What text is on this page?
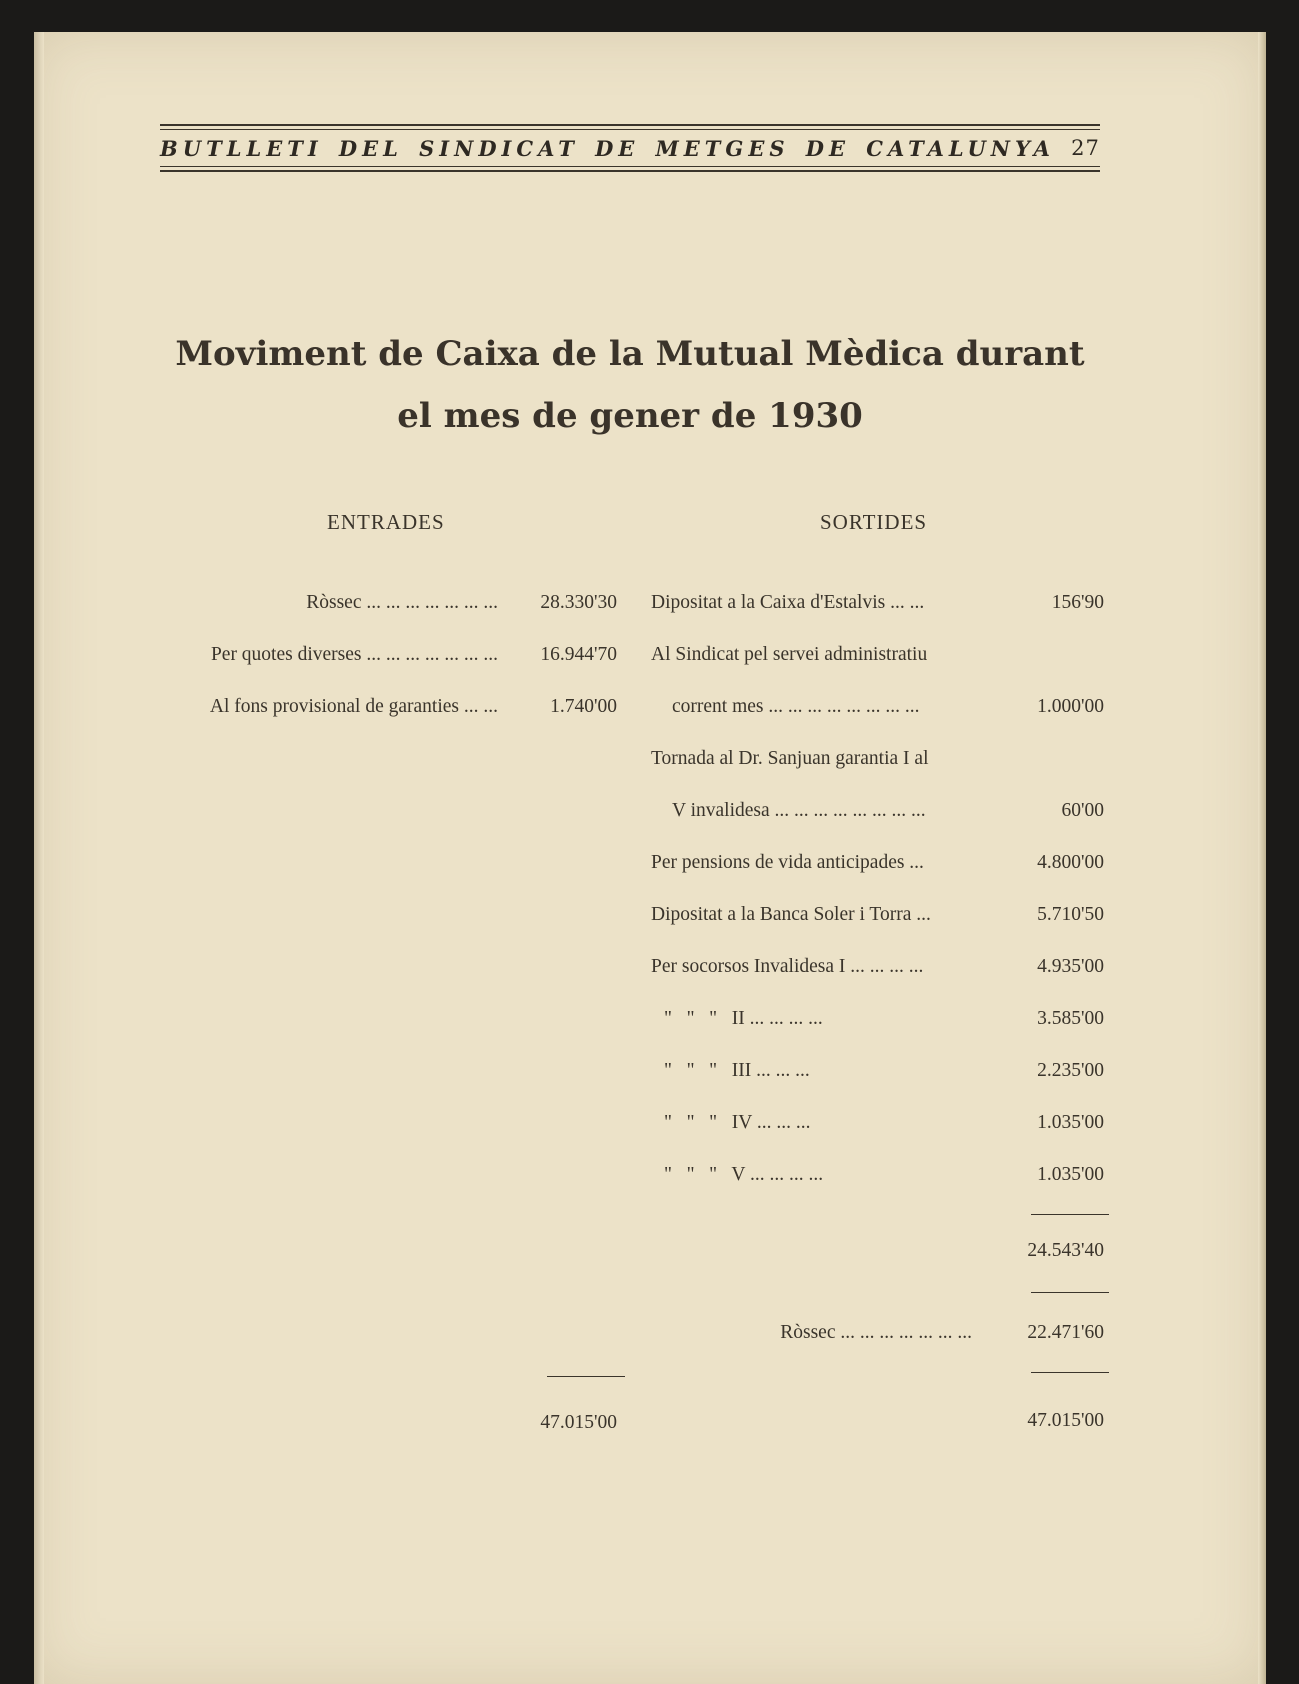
BUTLLETI DEL SINDICAT DE METGES DE CATALUNYA 27
Moviment de Caixa de la Mutual Mèdica durant
el mes de gener de 1930
ENTRADES	SORTIDES
Ròssec ... ... ... ... ... ... ... 28.330'30
Per quotes diverses ... ... ... ... ... ... ... 16.944'70
Al fons provisional de garanties ... ...	1.740'00
47.015'00
Dipositat a la Caixa d'Estalvis ... ...	156'90
Al Sindicat pel servei administratiu
corrent mes ... ... ... ... ... ... ... ...	1.000'00
Tornada al Dr. Sanjuan garantia I al
V invalidesa ... ... ... ... ... ... ... ...	60'00
Per pensions de vida anticipades ...	4.800'00
Dipositat a la Banca Soler i Torra ...	5.710'50
Per socorsos Invalidesa I ... ... ... ...	4.935'00
"   "   "   II ... ... ... ...	3.585'00
"   "   "   III ... ... ...	2.235'00
"   "   "   IV ... ... ...	1.035'00
"   "   "   V ... ... ... ...	1.035'00
24.543'40
Ròssec ... ... ... ... ... ... ...	22.471'60
47.015'00
